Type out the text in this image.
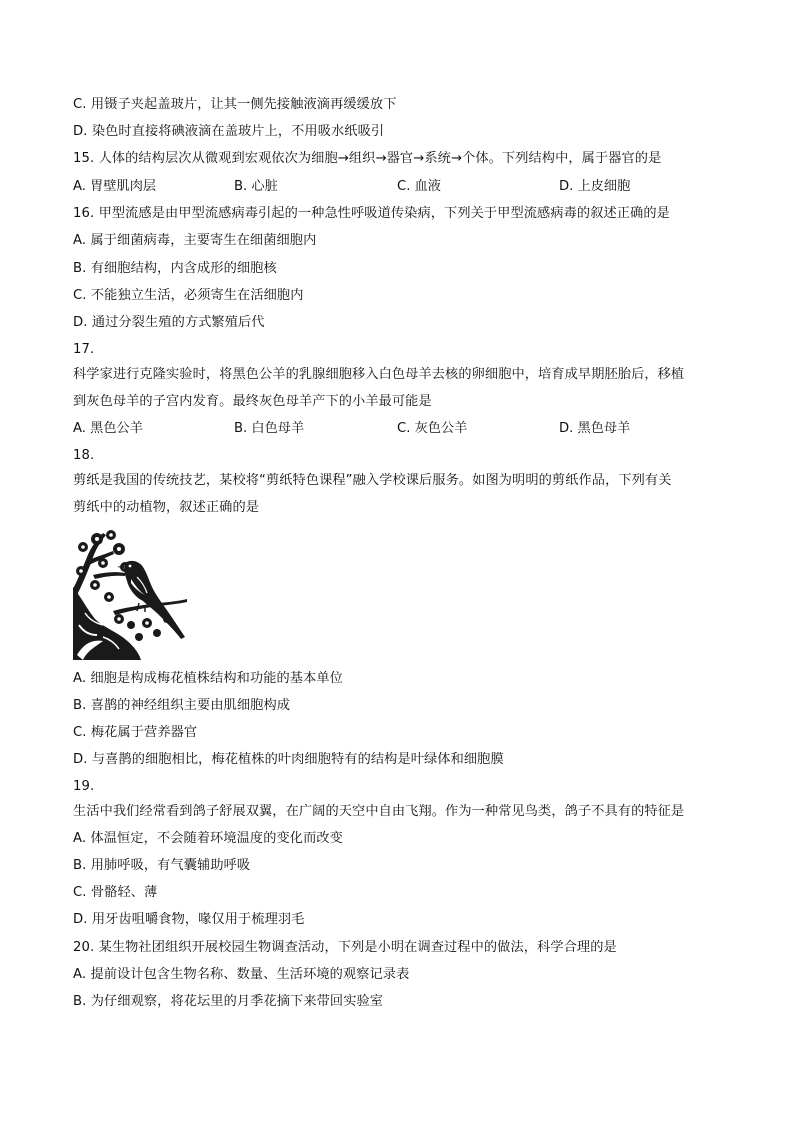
C. 用镊子夹起盖玻片，让其一侧先接触液滴再缓缓放下
D. 染色时直接将碘液滴在盖玻片上，不用吸水纸吸引
15. 人体的结构层次从微观到宏观依次为细胞→组织→器官→系统→个体。下列结构中，属于器官的是
A. 胃壁肌肉层	B. 心脏	C. 血液	D. 上皮细胞
16. 甲型流感是由甲型流感病毒引起的一种急性呼吸道传染病，下列关于甲型流感病毒的叙述正确的是
A. 属于细菌病毒，主要寄生在细菌细胞内
B. 有细胞结构，内含成形的细胞核
C. 不能独立生活，必须寄生在活细胞内
D. 通过分裂生殖的方式繁殖后代
17.
科学家进行克隆实验时，将黑色公羊的乳腺细胞移入白色母羊去核的卵细胞中，培育成早期胚胎后，移植
到灰色母羊的子宫内发育。最终灰色母羊产下的小羊最可能是
A. 黑色公羊	B. 白色母羊	C. 灰色公羊	D. 黑色母羊
18.
剪纸是我国的传统技艺，某校将“剪纸特色课程”融入学校课后服务。如图为明明的剪纸作品，下列有关
剪纸中的动植物，叙述正确的是
A. 细胞是构成梅花植株结构和功能的基本单位
B. 喜鹊的神经组织主要由肌细胞构成
C. 梅花属于营养器官
D. 与喜鹊的细胞相比，梅花植株的叶肉细胞特有的结构是叶绿体和细胞膜
19.
生活中我们经常看到鸽子舒展双翼，在广阔的天空中自由飞翔。作为一种常见鸟类，鸽子不具有的特征是
A. 体温恒定，不会随着环境温度的变化而改变
B. 用肺呼吸，有气囊辅助呼吸
C. 骨骼轻、薄
D. 用牙齿咀嚼食物，喙仅用于梳理羽毛
20. 某生物社团组织开展校园生物调查活动，下列是小明在调查过程中的做法，科学合理的是
A. 提前设计包含生物名称、数量、生活环境的观察记录表
B. 为仔细观察，将花坛里的月季花摘下来带回实验室
